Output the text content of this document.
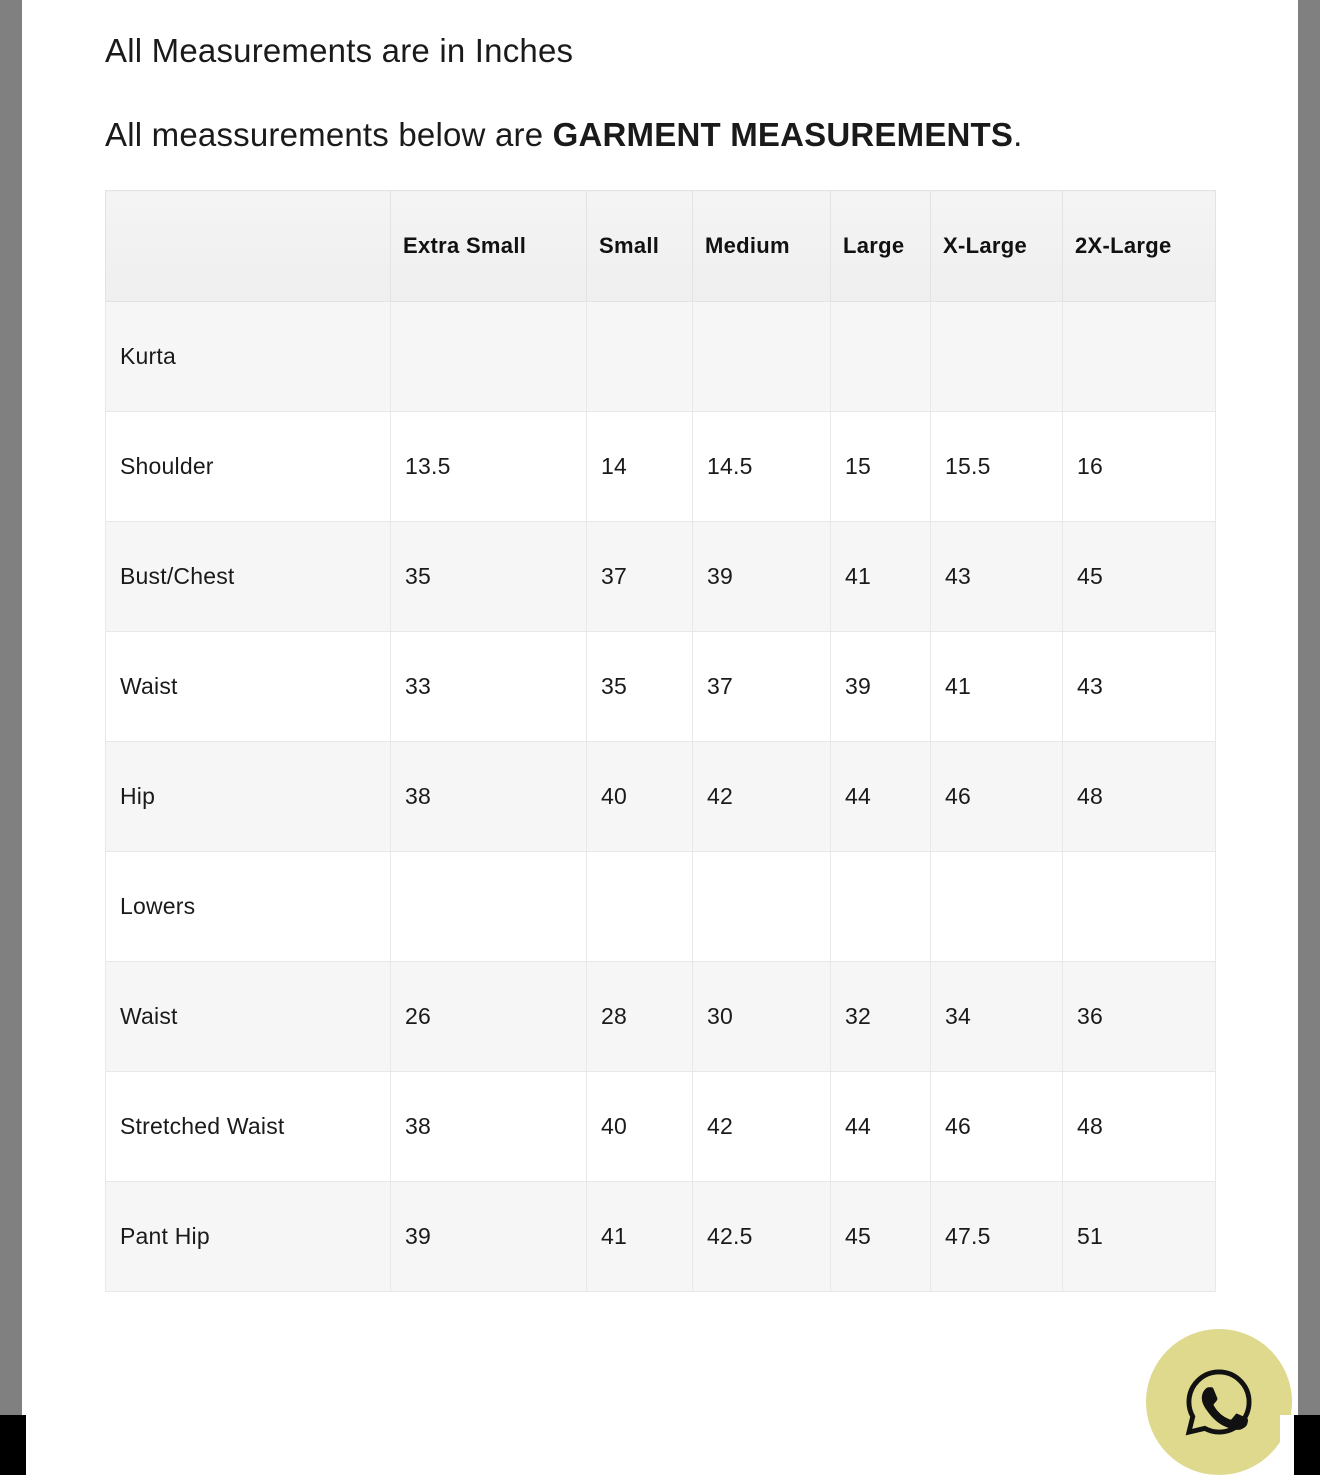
All Measurements are in Inches

All meassurements below are GARMENT MEASUREMENTS.

	Extra Small	Small	Medium	Large	X-Large	2X-Large
Kurta						
Shoulder	13.5	14	14.5	15	15.5	16
Bust/Chest	35	37	39	41	43	45
Waist	33	35	37	39	41	43
Hip	38	40	42	44	46	48
Lowers						
Waist	26	28	30	32	34	36
Stretched Waist	38	40	42	44	46	48
Pant Hip	39	41	42.5	45	47.5	51
